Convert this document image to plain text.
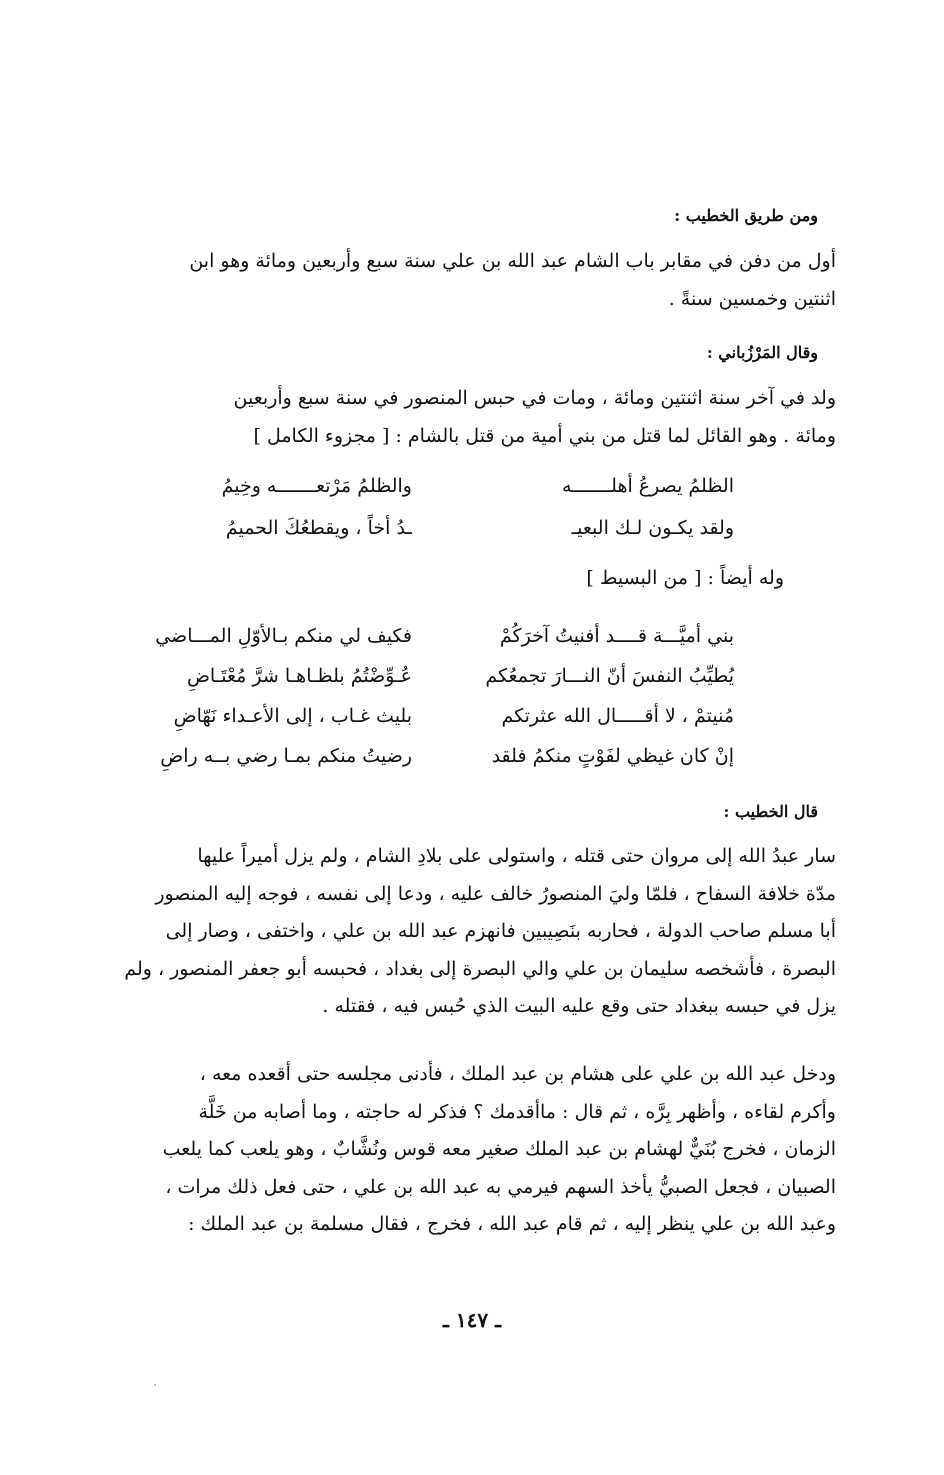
ومن طريق الخطيب :
أول من دفن في مقابر باب الشام عبد الله بن علي سنة سبع وأربعين ومائة وهو ابن
اثنتين وخمسين سنةً .
وقال المَرْزُباني :
ولد في آخر سنة اثنتين ومائة ، ومات في حبس المنصور في سنة سبع وأربعين
ومائة . وهو القائل لما قتل من بني أمية من قتل بالشام : [ مجزوء الكامل ]
الظلمُ يصرعُ أهلـــــــه
والظلمُ مَرْتعـــــــه وخِيمُ
ولقد يكـون لـك البعيـ
ـدُ أخاً ، ويقطعُكَ الحميمُ
وله أيضاً : [ من البسيط ]
بني أميَّـــة قــــد أفنيتُ آخرَكُمْ
فكيف لي منكم بـالأوّلِ المـــاضي
يُطيِّبُ النفسَ أنّ النـــارَ تجمعُكم
عُـوِّضْتُمُ بلظـاهـا شرَّ مُعْتَـاضِ
مُنيتمْ ، لا أقـــــال الله عثرتكم
بليث غـاب ، إلى الأعـداء نَهّاضِ
إنْ كان غيظي لفَوْتٍ منكمُ فلقد
رضيتُ منكم بمـا رضي بــه راضِ
قال الخطيب :
سار عبدُ الله إلى مروان حتى قتله ، واستولى على بلادِ الشام ، ولم يزل أميراً عليها
مدّة خلافة السفاح ، فلمّا وليَ المنصورُ خالف عليه ، ودعا إلى نفسه ، فوجه إليه المنصور
أبا مسلم صاحب الدولة ، فحاربه بنَصِيبين فانهزم عبد الله بن علي ، واختفى ، وصار إلى
البصرة ، فأشخصه سليمان بن علي والي البصرة إلى بغداد ، فحبسه أبو جعفر المنصور ، ولم
يزل في حبسه ببغداد حتى وقع عليه البيت الذي حُبس فيه ، فقتله .
ودخل عبد الله بن علي على هشام بن عبد الملك ، فأدنى مجلسه حتى أقعده معه ،
وأكرم لقاءه ، وأظهر بِرَّه ، ثم قال : ماأقدمك ؟ فذكر له حاجته ، وما أصابه من خَلَّة
الزمان ، فخرج بُنَيٌّ لهشام بن عبد الملك صغير معه قوس ونُشَّابٌ ، وهو يلعب كما يلعب
الصبيان ، فجعل الصبيُّ يأخذ السهم فيرمي به عبد الله بن علي ، حتى فعل ذلك مرات ،
وعبد الله بن علي ينظر إليه ، ثم قام عبد الله ، فخرج ، فقال مسلمة بن عبد الملك :
ـ ١٤٧ ـ
